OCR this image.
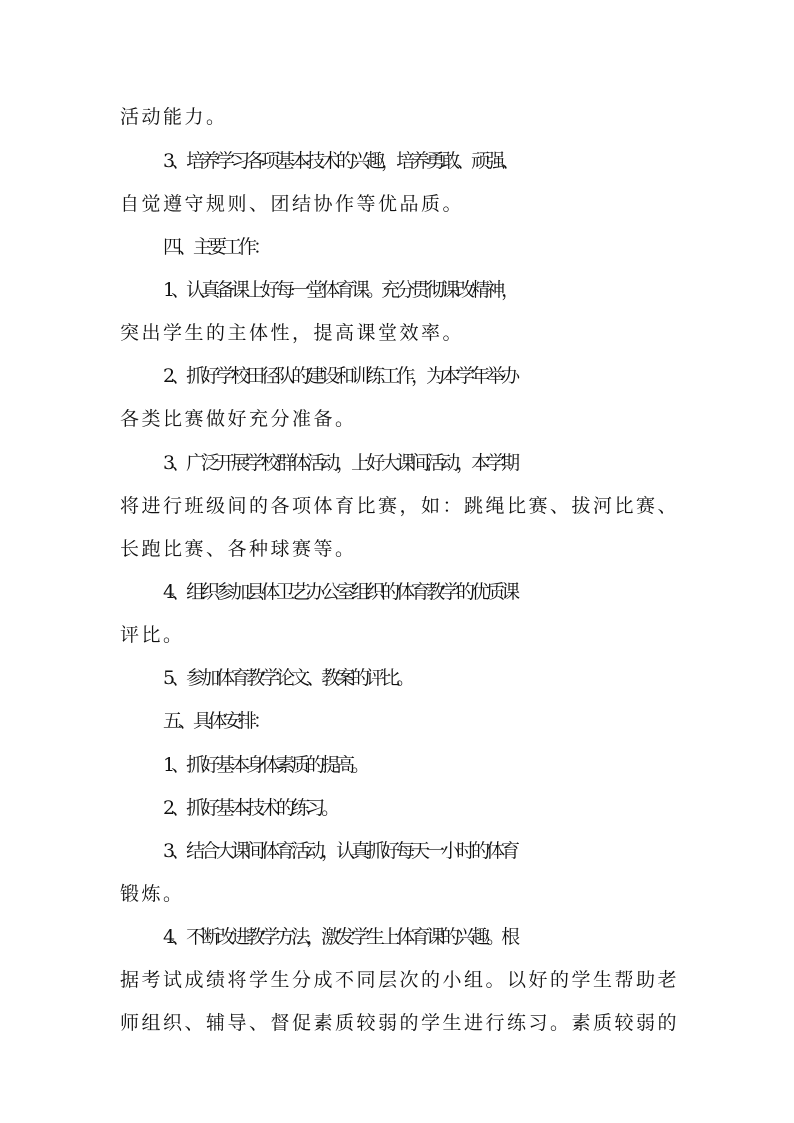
活动能力。

3、培养学习各项基本技术的兴趣，培养勇敢、顽强、

自觉遵守规则、团结协作等优品质。

四、主要工作：

1、认真备课上好每一堂体育课。充分贯彻课改精神，

突出学生的主体性，提高课堂效率。

2、抓好学校田径队的建设和训练工作，为本学年举办

各类比赛做好充分准备。

3、广泛开展学校群体活动，上好大课间活动，本学期

将进行班级间的各项体育比赛，如：跳绳比赛、拔河比赛、

长跑比赛、各种球赛等。

4、组织参加县体卫艺办公室组织的体育教学的优质课

评比。

5、参加体育教学论文、教案的评比。

五、具体安排：

1、抓好基本身体素质的提高。

2、抓好基本技术的练习。

3、结合大课间体育活动，认真抓好每天一小时的体育

锻炼。

4、不断改进教学方法，激发学生上体育课的兴趣。根

据考试成绩将学生分成不同层次的小组。以好的学生帮助老

师组织、辅导、督促素质较弱的学生进行练习。素质较弱的
